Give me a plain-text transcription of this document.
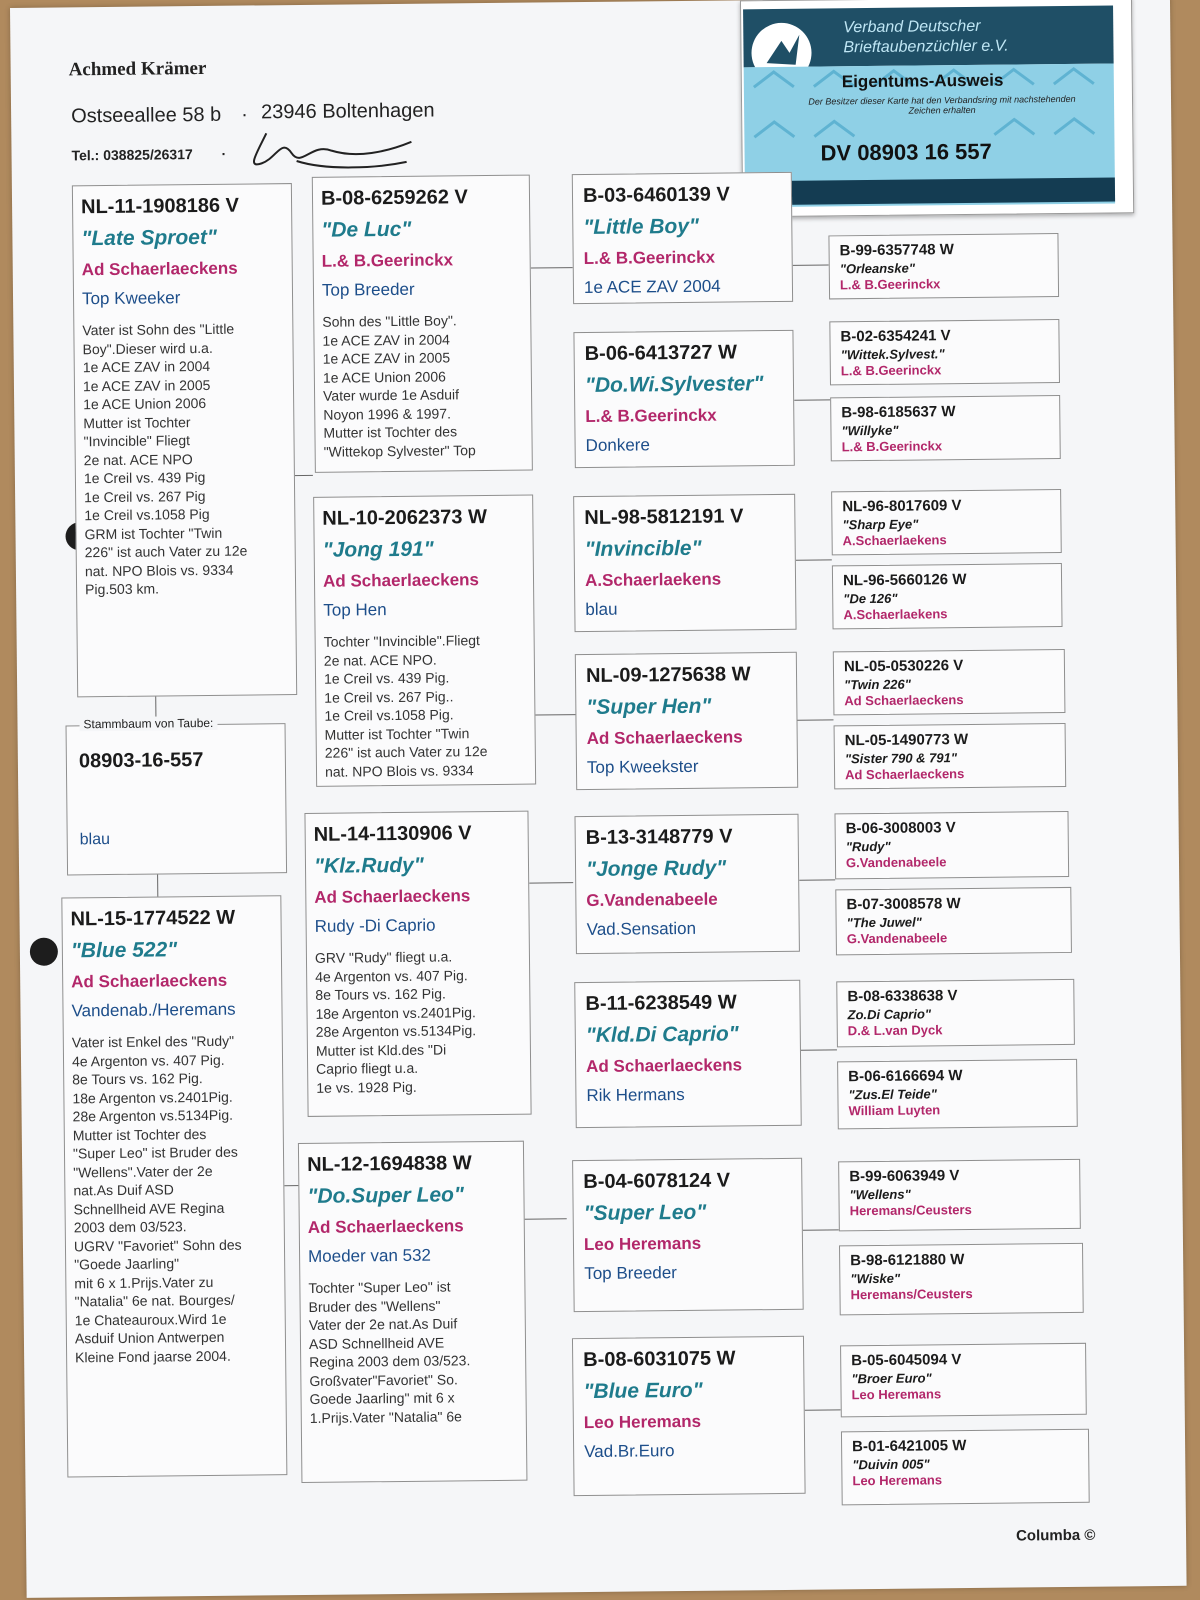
Achmed Krämer
Ostseeallee 58 b · 23946 Boltenhagen
Tel.: 038825/26317 ·
Verband Deutscher
Brieftaubenzüchler e.V.
Eigentums-Ausweis
Der Besitzer dieser Karte hat den Verbandsring mit nachstehenden Zeichen erhalten
DV 08903 16 557
NL-11-1908186 V
"Late Sproet"
Ad Schaerlaeckens
Top Kweeker
Vater ist Sohn des "Little
Boy".Dieser wird u.a.
1e ACE ZAV in 2004
1e ACE ZAV in 2005
1e ACE Union 2006
Mutter ist Tochter
"Invincible" Fliegt
2e nat. ACE NPO
1e Creil vs. 439 Pig
1e Creil vs. 267 Pig
1e Creil vs.1058 Pig
GRM ist Tochter "Twin
226" ist auch Vater zu 12e
nat. NPO Blois vs. 9334
Pig.503 km.
Stammbaum von Taube:
08903-16-557
blau
NL-15-1774522 W
"Blue 522"
Ad Schaerlaeckens
Vandenab./Heremans
Vater ist Enkel des "Rudy"
4e Argenton vs. 407 Pig.
8e Tours vs. 162 Pig.
18e Argenton vs.2401Pig.
28e Argenton vs.5134Pig.
Mutter ist Tochter des
"Super Leo" ist Bruder des
"Wellens".Vater der 2e
nat.As Duif ASD
Schnellheid AVE Regina
2003 dem 03/523.
UGRV "Favoriet" Sohn des
"Goede Jaarling"
mit 6 x 1.Prijs.Vater zu
"Natalia" 6e nat. Bourges/
1e Chateauroux.Wird 1e
Asduif Union Antwerpen
Kleine Fond jaarse 2004.
B-08-6259262 V
"De Luc"
L.& B.Geerinckx
Top Breeder
Sohn des "Little Boy".
1e ACE ZAV in 2004
1e ACE ZAV in 2005
1e ACE Union 2006
Vater wurde 1e Asduif
Noyon 1996 & 1997.
Mutter ist Tochter des
"Wittekop Sylvester" Top
NL-10-2062373 W
"Jong 191"
Ad Schaerlaeckens
Top Hen
Tochter "Invincible".Fliegt
2e nat. ACE NPO.
1e Creil vs. 439 Pig.
1e Creil vs. 267 Pig..
1e Creil vs.1058 Pig.
Mutter ist Tochter "Twin
226" ist auch Vater zu 12e
nat. NPO Blois vs. 9334
NL-14-1130906 V
"Klz.Rudy"
Ad Schaerlaeckens
Rudy -Di Caprio
GRV "Rudy" fliegt u.a.
4e Argenton vs. 407 Pig.
8e Tours vs. 162 Pig.
18e Argenton vs.2401Pig.
28e Argenton vs.5134Pig.
Mutter ist Kld.des "Di
Caprio fliegt u.a.
1e vs. 1928 Pig.
NL-12-1694838 W
"Do.Super Leo"
Ad Schaerlaeckens
Moeder van 532
Tochter "Super Leo" ist
Bruder des "Wellens"
Vater der 2e nat.As Duif
ASD Schnellheid AVE
Regina 2003 dem 03/523.
Großvater"Favoriet" So.
Goede Jaarling" mit 6 x
1.Prijs.Vater "Natalia" 6e
B-03-6460139 V
"Little Boy"
L.& B.Geerinckx
1e ACE ZAV 2004
B-06-6413727 W
"Do.Wi.Sylvester"
L.& B.Geerinckx
Donkere
NL-98-5812191 V
"Invincible"
A.Schaerlaekens
blau
NL-09-1275638 W
"Super Hen"
Ad Schaerlaeckens
Top Kweekster
B-13-3148779 V
"Jonge Rudy"
G.Vandenabeele
Vad.Sensation
B-11-6238549 W
"Kld.Di Caprio"
Ad Schaerlaeckens
Rik Hermans
B-04-6078124 V
"Super Leo"
Leo Heremans
Top Breeder
B-08-6031075 W
"Blue Euro"
Leo Heremans
Vad.Br.Euro
B-99-6357748 W
"Orleanske"
L.& B.Geerinckx
B-02-6354241 V
"Wittek.Sylvest."
L.& B.Geerinckx
B-98-6185637 W
"Willyke"
L.& B.Geerinckx
NL-96-8017609 V
"Sharp Eye"
A.Schaerlaekens
NL-96-5660126 W
"De 126"
A.Schaerlaekens
NL-05-0530226 V
"Twin 226"
Ad Schaerlaeckens
NL-05-1490773 W
"Sister 790 & 791"
Ad Schaerlaeckens
B-06-3008003 V
"Rudy"
G.Vandenabeele
B-07-3008578 W
"The Juwel"
G.Vandenabeele
B-08-6338638 V
Zo.Di Caprio"
D.& L.van Dyck
B-06-6166694 W
"Zus.El Teide"
William Luyten
B-99-6063949 V
"Wellens"
Heremans/Ceusters
B-98-6121880 W
"Wiske"
Heremans/Ceusters
B-05-6045094 V
"Broer Euro"
Leo Heremans
B-01-6421005 W
"Duivin 005"
Leo Heremans
Columba ©
